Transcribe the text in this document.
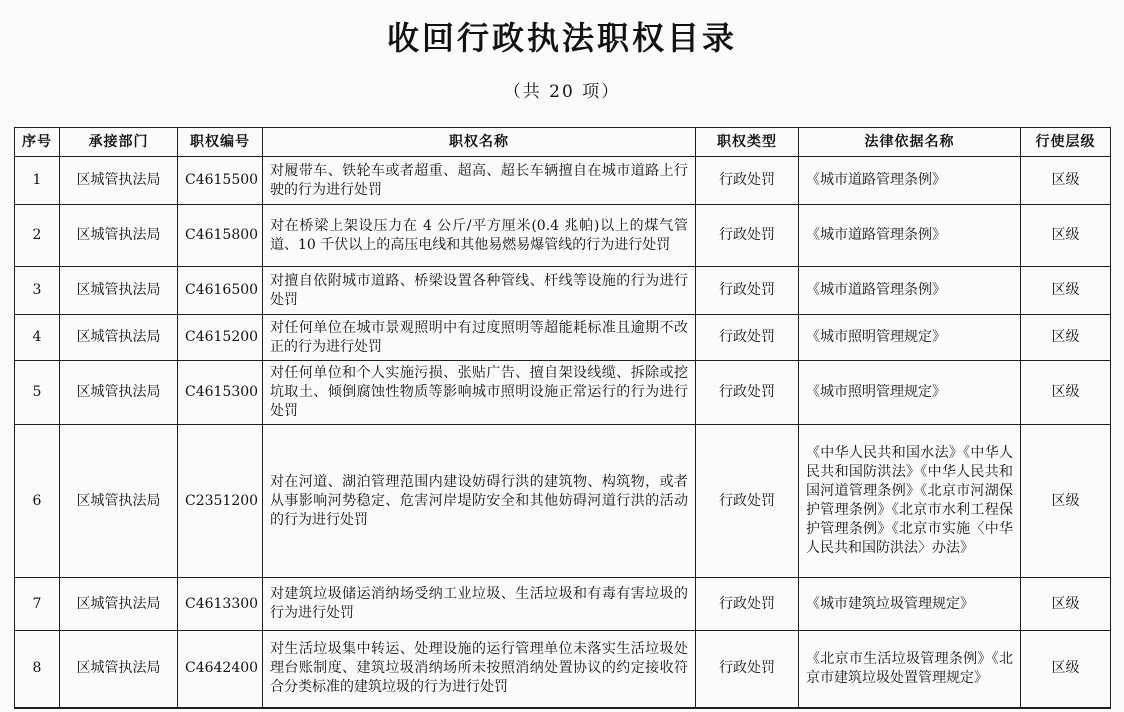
收回行政执法职权目录
（共 20 项）
序号	承接部门	职权编号	职权名称	职权类型	法律依据名称	行使层级
1	区城管执法局	C4615500	对履带车、铁轮车或者超重、超高、超长车辆擅自在城市道路上行驶的行为进行处罚	行政处罚	《城市道路管理条例》	区级
2	区城管执法局	C4615800	对在桥梁上架设压力在 4 公斤/平方厘米(0.4 兆帕)以上的煤气管道、10 千伏以上的高压电线和其他易燃易爆管线的行为进行处罚	行政处罚	《城市道路管理条例》	区级
3	区城管执法局	C4616500	对擅自依附城市道路、桥梁设置各种管线、杆线等设施的行为进行处罚	行政处罚	《城市道路管理条例》	区级
4	区城管执法局	C4615200	对任何单位在城市景观照明中有过度照明等超能耗标准且逾期不改正的行为进行处罚	行政处罚	《城市照明管理规定》	区级
5	区城管执法局	C4615300	对任何单位和个人实施污损、张贴广告、擅自架设线缆、拆除或挖坑取土、倾倒腐蚀性物质等影响城市照明设施正常运行的行为进行处罚	行政处罚	《城市照明管理规定》	区级
6	区城管执法局	C2351200	对在河道、湖泊管理范围内建设妨碍行洪的建筑物、构筑物，或者从事影响河势稳定、危害河岸堤防安全和其他妨碍河道行洪的活动的行为进行处罚	行政处罚	《中华人民共和国水法》《中华人民共和国防洪法》《中华人民共和国河道管理条例》《北京市河湖保护管理条例》《北京市水利工程保护管理条例》《北京市实施〈中华人民共和国防洪法〉办法》	区级
7	区城管执法局	C4613300	对建筑垃圾储运消纳场受纳工业垃圾、生活垃圾和有毒有害垃圾的行为进行处罚	行政处罚	《城市建筑垃圾管理规定》	区级
8	区城管执法局	C4642400	对生活垃圾集中转运、处理设施的运行管理单位未落实生活垃圾处理台账制度、建筑垃圾消纳场所未按照消纳处置协议的约定接收符合分类标准的建筑垃圾的行为进行处罚	行政处罚	《北京市生活垃圾管理条例》《北京市建筑垃圾处置管理规定》	区级
